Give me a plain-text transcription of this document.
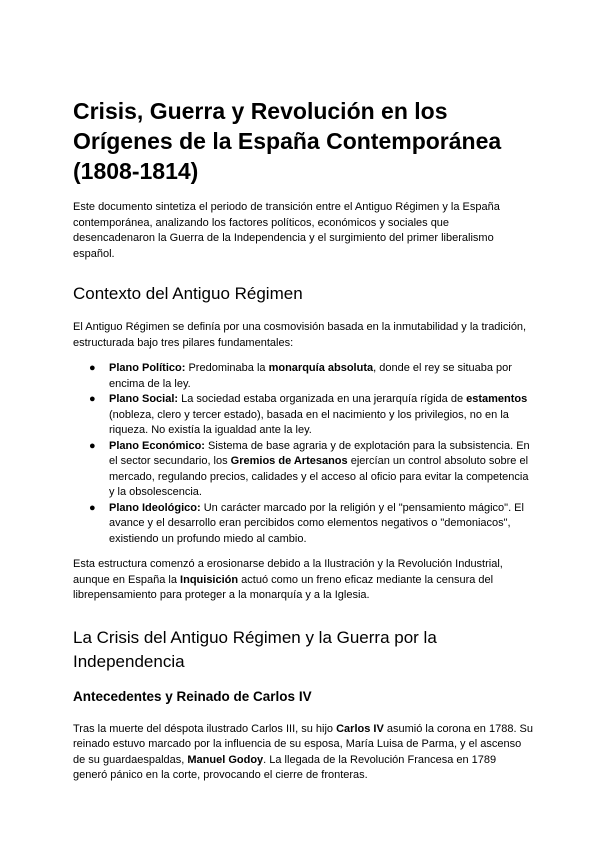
Crisis, Guerra y Revolución en los Orígenes de la España Contemporánea (1808-1814)

Este documento sintetiza el periodo de transición entre el Antiguo Régimen y la España contemporánea, analizando los factores políticos, económicos y sociales que desencadenaron la Guerra de la Independencia y el surgimiento del primer liberalismo español.

Contexto del Antiguo Régimen

El Antiguo Régimen se definía por una cosmovisión basada en la inmutabilidad y la tradición, estructurada bajo tres pilares fundamentales:

● Plano Político: Predominaba la monarquía absoluta, donde el rey se situaba por encima de la ley.
● Plano Social: La sociedad estaba organizada en una jerarquía rígida de estamentos (nobleza, clero y tercer estado), basada en el nacimiento y los privilegios, no en la riqueza. No existía la igualdad ante la ley.
● Plano Económico: Sistema de base agraria y de explotación para la subsistencia. En el sector secundario, los Gremios de Artesanos ejercían un control absoluto sobre el mercado, regulando precios, calidades y el acceso al oficio para evitar la competencia y la obsolescencia.
● Plano Ideológico: Un carácter marcado por la religión y el "pensamiento mágico". El avance y el desarrollo eran percibidos como elementos negativos o "demoniacos", existiendo un profundo miedo al cambio.

Esta estructura comenzó a erosionarse debido a la Ilustración y la Revolución Industrial, aunque en España la Inquisición actuó como un freno eficaz mediante la censura del librepensamiento para proteger a la monarquía y a la Iglesia.

La Crisis del Antiguo Régimen y la Guerra por la Independencia
Antecedentes y Reinado de Carlos IV

Tras la muerte del déspota ilustrado Carlos III, su hijo Carlos IV asumió la corona en 1788. Su reinado estuvo marcado por la influencia de su esposa, María Luisa de Parma, y el ascenso de su guardaespaldas, Manuel Godoy. La llegada de la Revolución Francesa en 1789 generó pánico en la corte, provocando el cierre de fronteras.
